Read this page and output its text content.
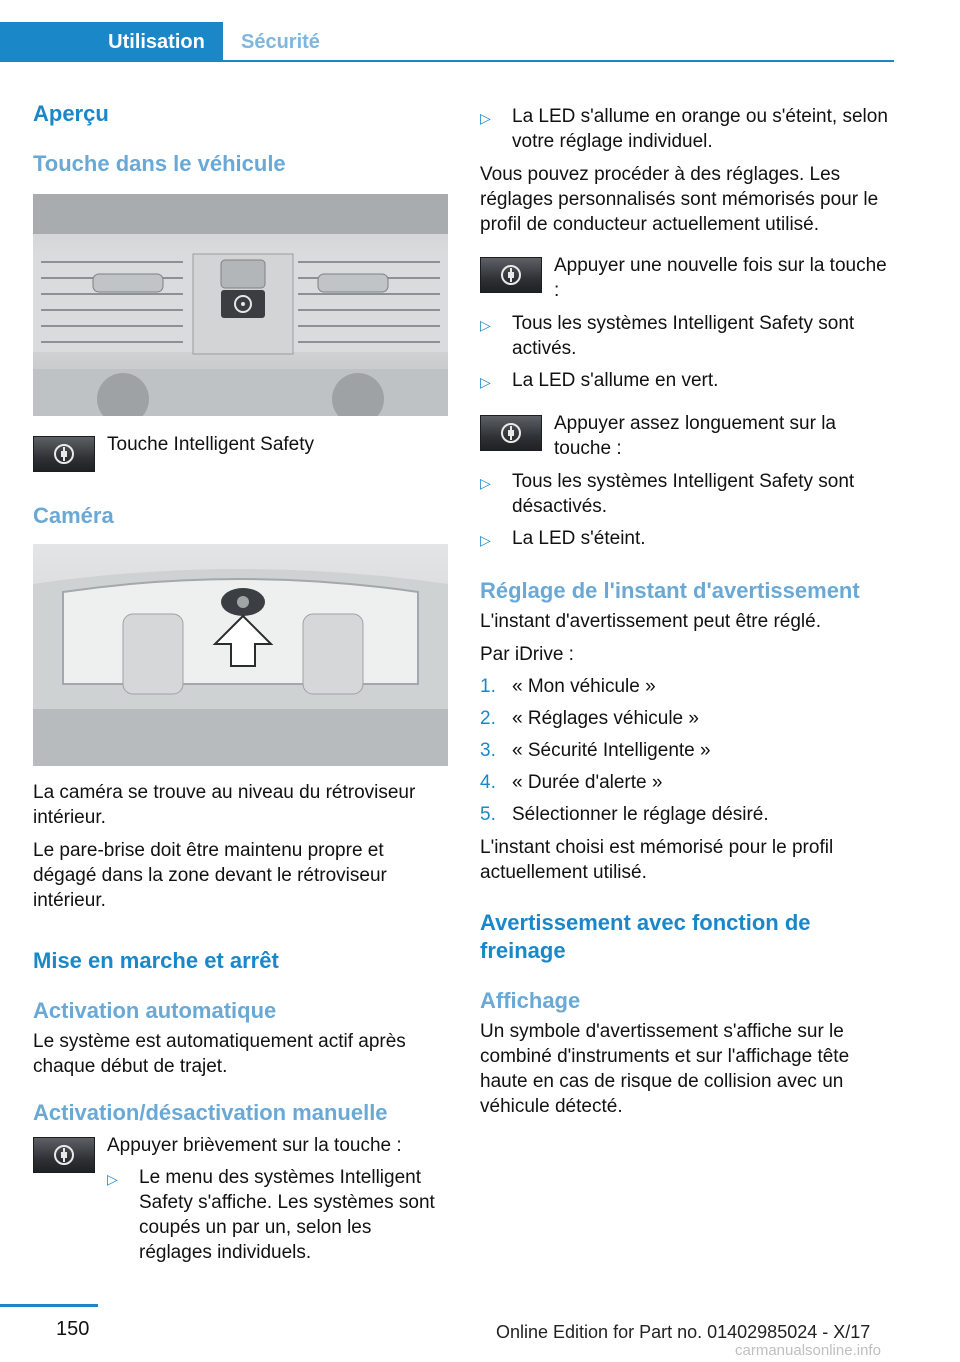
Utilisation	Sécurité
Aperçu
Touche dans le véhicule
Touche Intelligent Safety
Caméra

La caméra se trouve au niveau du rétroviseur intérieur.

Le pare-brise doit être maintenu propre et dégagé dans la zone devant le rétroviseur intérieur.

Mise en marche et arrêt
Activation automatique

Le système est automatiquement actif après chaque début de trajet.

Activation/désactivation manuelle
Appuyer brièvement sur la touche :
▷	Le menu des systèmes Intelligent Safety s'affiche. Les systèmes sont coupés un par un, selon les réglages individuels.
▷	La LED s'allume en orange ou s'éteint, selon votre réglage individuel.

Vous pouvez procéder à des réglages. Les réglages personnalisés sont mémorisés pour le profil de conducteur actuellement utilisé.

Appuyer une nouvelle fois sur la touche :
▷	Tous les systèmes Intelligent Safety sont activés.
▷	La LED s'allume en vert.
Appuyer assez longuement sur la touche :
▷	Tous les systèmes Intelligent Safety sont désactivés.
▷	La LED s'éteint.
Réglage de l'instant d'avertissement

L'instant d'avertissement peut être réglé.

Par iDrive :

1. « Mon véhicule »
2. « Réglages véhicule »
3. « Sécurité Intelligente »
4. « Durée d'alerte »
5. Sélectionner le réglage désiré.

L'instant choisi est mémorisé pour le profil actuellement utilisé.

Avertissement avec fonction de freinage
Affichage

Un symbole d'avertissement s'affiche sur le combiné d'instruments et sur l'affichage tête haute en cas de risque de collision avec un véhicule détecté.

150	Online Edition for Part no. 01402985024 - X/17
carmanualsonline.info
